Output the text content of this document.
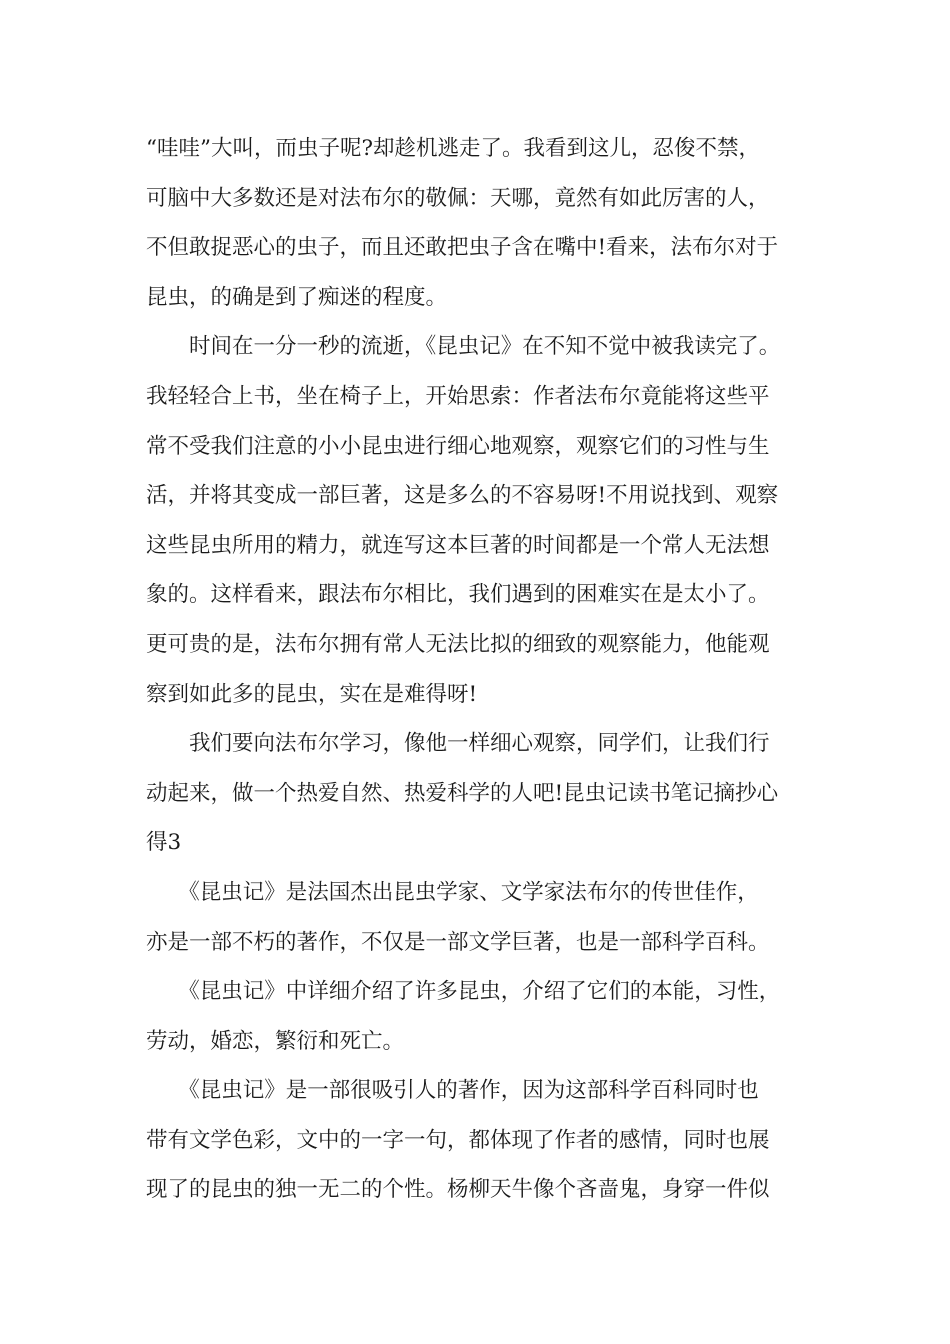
“哇哇”大叫，而虫子呢?却趁机逃走了。我看到这儿，忍俊不禁，
可脑中大多数还是对法布尔的敬佩：天哪，竟然有如此厉害的人，
不但敢捉恶心的虫子，而且还敢把虫子含在嘴中!看来，法布尔对于
昆虫，的确是到了痴迷的程度。
　　时间在一分一秒的流逝，《昆虫记》在不知不觉中被我读完了。
我轻轻合上书，坐在椅子上，开始思索：作者法布尔竟能将这些平
常不受我们注意的小小昆虫进行细心地观察，观察它们的习性与生
活，并将其变成一部巨著，这是多么的不容易呀!不用说找到、观察
这些昆虫所用的精力，就连写这本巨著的时间都是一个常人无法想
象的。这样看来，跟法布尔相比，我们遇到的困难实在是太小了。
更可贵的是，法布尔拥有常人无法比拟的细致的观察能力，他能观
察到如此多的昆虫，实在是难得呀!
　　我们要向法布尔学习，像他一样细心观察，同学们，让我们行
动起来，做一个热爱自然、热爱科学的人吧!昆虫记读书笔记摘抄心
得3
　　《昆虫记》是法国杰出昆虫学家、文学家法布尔的传世佳作，
亦是一部不朽的著作，不仅是一部文学巨著，也是一部科学百科。
　　《昆虫记》中详细介绍了许多昆虫，介绍了它们的本能，习性，
劳动，婚恋，繁衍和死亡。
　　《昆虫记》是一部很吸引人的著作，因为这部科学百科同时也
带有文学色彩，文中的一字一句，都体现了作者的感情，同时也展
现了的昆虫的独一无二的个性。杨柳天牛像个吝啬鬼，身穿一件似
